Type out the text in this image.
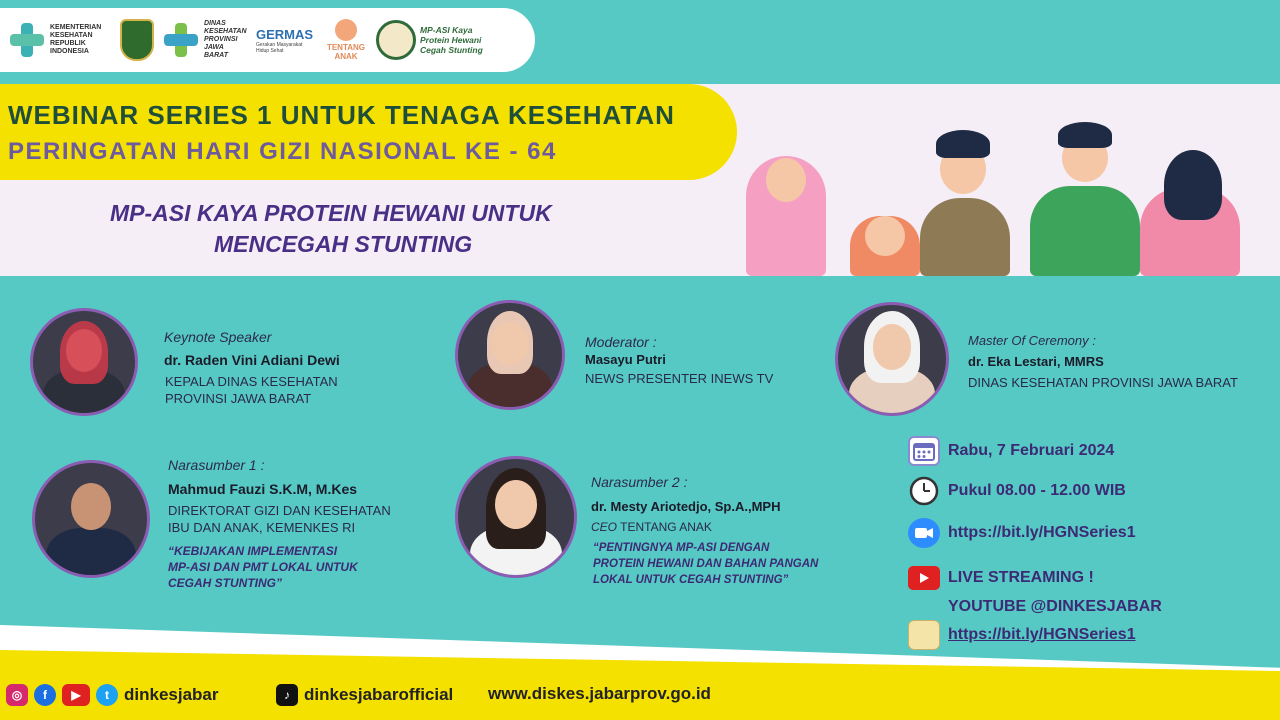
KEMENTERIAN KESEHATAN REPUBLIK INDONESIA
DINAS KESEHATAN PROVINSI JAWA BARAT
GERMAS
Gerakan Masyarakat Hidup Sehat	TENTANG ANAK
MP-ASI Kaya Protein Hewani Cegah Stunting
WEBINAR SERIES 1 UNTUK TENAGA KESEHATAN
PERINGATAN HARI GIZI NASIONAL KE - 64
MP-ASI KAYA PROTEIN HEWANI UNTUK
MENCEGAH STUNTING
Keynote Speaker
dr. Raden Vini Adiani Dewi
KEPALA DINAS KESEHATAN
PROVINSI JAWA BARAT
Moderator :
Masayu Putri
NEWS PRESENTER INEWS TV
Master Of Ceremony :
dr. Eka Lestari, MMRS
DINAS KESEHATAN PROVINSI JAWA BARAT
Narasumber 1 :
Mahmud Fauzi S.K.M, M.Kes
DIREKTORAT GIZI DAN KESEHATAN
IBU DAN ANAK, KEMENKES RI
“KEBIJAKAN IMPLEMENTASI
MP-ASI DAN PMT LOKAL UNTUK
CEGAH STUNTING”
Narasumber 2 :
dr. Mesty Ariotedjo, Sp.A.,MPH
CEO TENTANG ANAK
“PENTINGNYA MP-ASI DENGAN
PROTEIN HEWANI DAN BAHAN PANGAN
LOKAL UNTUK CEGAH STUNTING”
Rabu, 7 Februari 2024
Pukul 08.00 - 12.00 WIB
https://bit.ly/HGNSeries1
LIVE STREAMING !
YOUTUBE @DINKESJABAR
https://bit.ly/HGNSeries1
◎	f	▶	t dinkesjabar	♪ dinkesjabarofficial www.diskes.jabarprov.go.id
